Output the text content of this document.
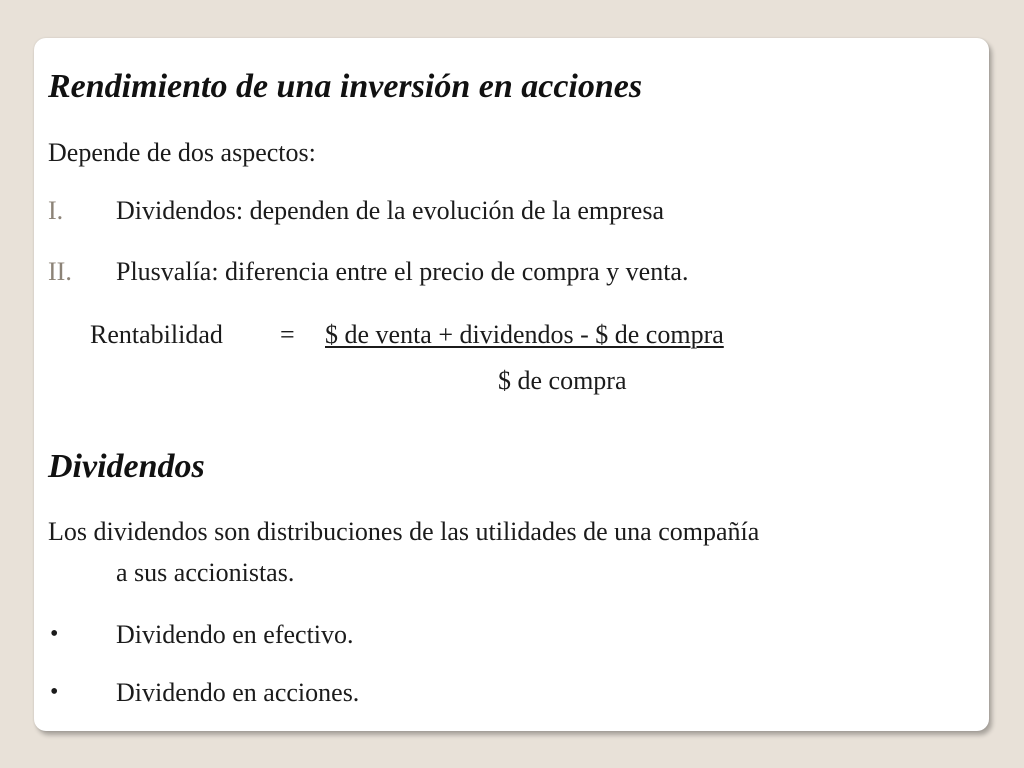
Rendimiento de una inversión en acciones
Depende de dos aspectos:
I. Dividendos: dependen de la evolución de la empresa
II. Plusvalía: diferencia entre el precio de compra y venta.
Rentabilidad = $ de venta + dividendos - $ de compra
$ de compra
Dividendos
Los dividendos son distribuciones de las utilidades de una compañía
a sus accionistas.
• Dividendo en efectivo.
• Dividendo en acciones.
